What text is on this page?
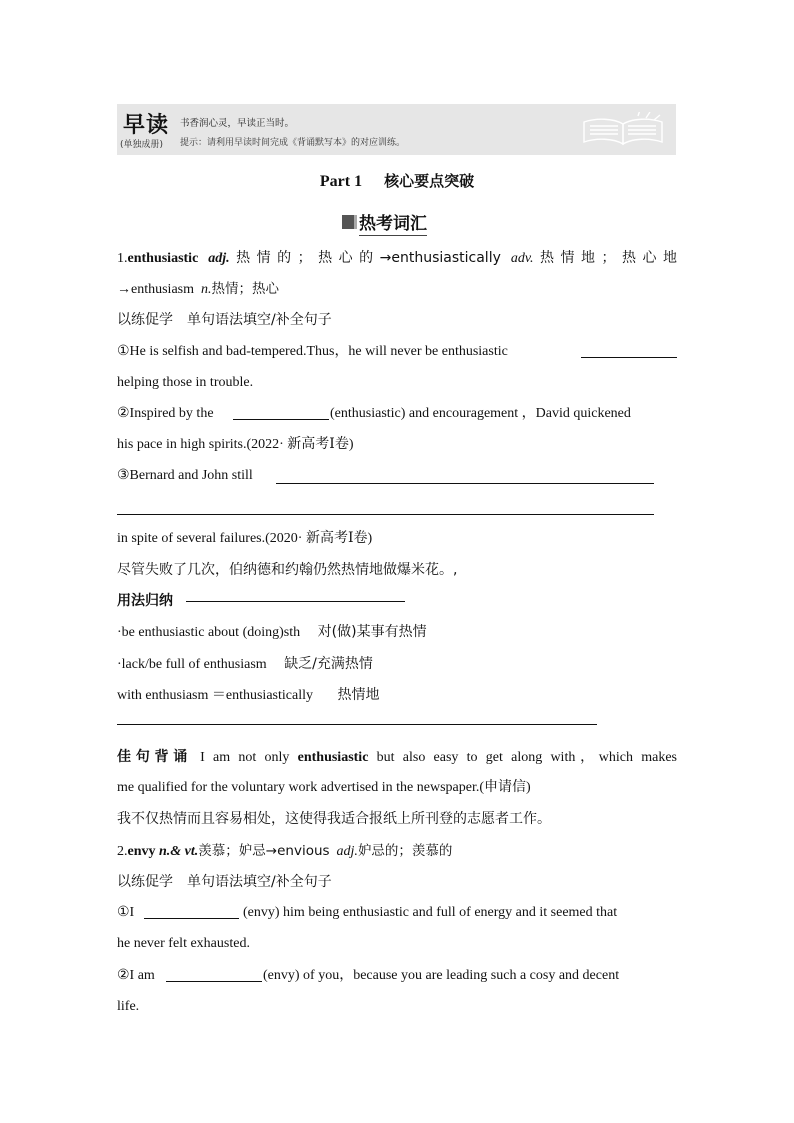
早读
(单独成册)
书香润心灵，早读正当时。
提示：请利用早读时间完成《背诵默写本》的对应训练。
Part 1 核心要点突破
热考词汇
1.enthusiastic adj.热情的；热心的→enthusiastically adv.热情地；热心地
→enthusiasm n.热情；热心
以练促学　单句语法填空/补全句子
①He is selfish and bad-tempered.Thus，he will never be enthusiastic
helping those in trouble.
②Inspired by the	(enthusiastic) and encouragement ，David quickened
his pace in high spirits.(2022· 新高考Ⅰ卷)
③Bernard and John still
in spite of several failures.(2020· 新高考Ⅰ卷)
尽管失败了几次，伯纳德和约翰仍然热情地做爆米花。,
用法归纳
·be enthusiastic about (doing)sth 对(做)某事有热情
·lack/be full of enthusiasm 缺乏/充满热情
with enthusiasm ＝enthusiastically 热情地
佳句背诵 I am not only enthusiastic but also easy to get along with，which makes
me qualified for the voluntary work advertised in the newspaper.(申请信)
我不仅热情而且容易相处，这使得我适合报纸上所刊登的志愿者工作。
2.envy n.& vt.羡慕；妒忌→envious adj.妒忌的；羡慕的
以练促学　单句语法填空/补全句子
①I	(envy) him being enthusiastic and full of energy and it seemed that
he never felt exhausted.
②I am	(envy) of you，because you are leading such a cosy and decent
life.
